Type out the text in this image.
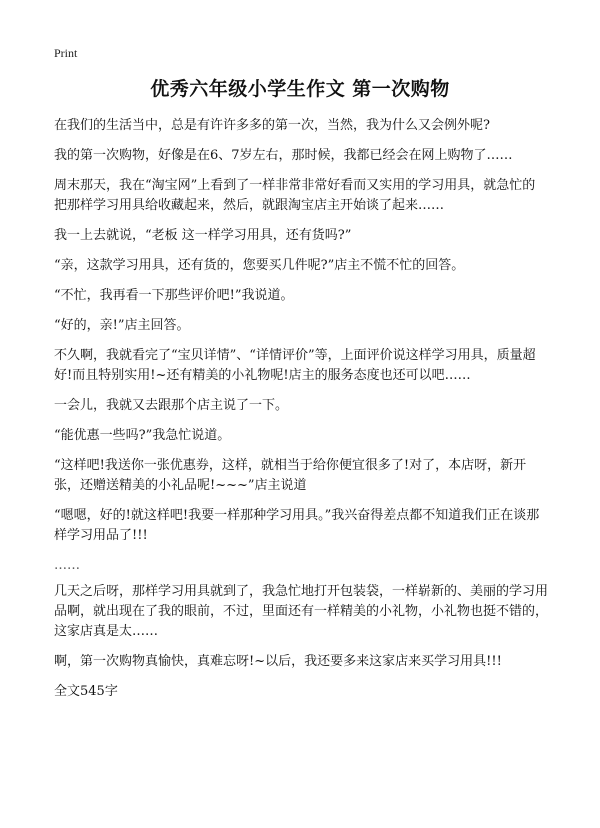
Print
优秀六年级小学生作文 第一次购物

在我们的生活当中，总是有许许多多的第一次，当然，我为什么又会例外呢?

我的第一次购物，好像是在6、7岁左右，那时候，我都已经会在网上购物了……

周末那天，我在“淘宝网”上看到了一样非常非常好看而又实用的学习用具，就急忙的把那样学习用具给收藏起来，然后，就跟淘宝店主开始谈了起来……

我一上去就说，“老板 这一样学习用具，还有货吗?”

“亲，这款学习用具，还有货的，您要买几件呢?”店主不慌不忙的回答。

“不忙，我再看一下那些评价吧!”我说道。

“好的，亲!”店主回答。

不久啊，我就看完了“宝贝详情”、“详情评价”等，上面评价说这样学习用具，质量超好!而且特别实用!~还有精美的小礼物呢!店主的服务态度也还可以吧……

一会儿，我就又去跟那个店主说了一下。

“能优惠一些吗?”我急忙说道。

“这样吧!我送你一张优惠券，这样，就相当于给你便宜很多了!对了，本店呀，新开张，还赠送精美的小礼品呢!~~~”店主说道

“嗯嗯，好的!就这样吧!我要一样那种学习用具。”我兴奋得差点都不知道我们正在谈那样学习用品了!!!

……

几天之后呀，那样学习用具就到了，我急忙地打开包装袋，一样崭新的、美丽的学习用品啊，就出现在了我的眼前，不过，里面还有一样精美的小礼物，小礼物也挺不错的，这家店真是太……

啊，第一次购物真愉快，真难忘呀!~以后，我还要多来这家店来买学习用具!!!

全文545字
